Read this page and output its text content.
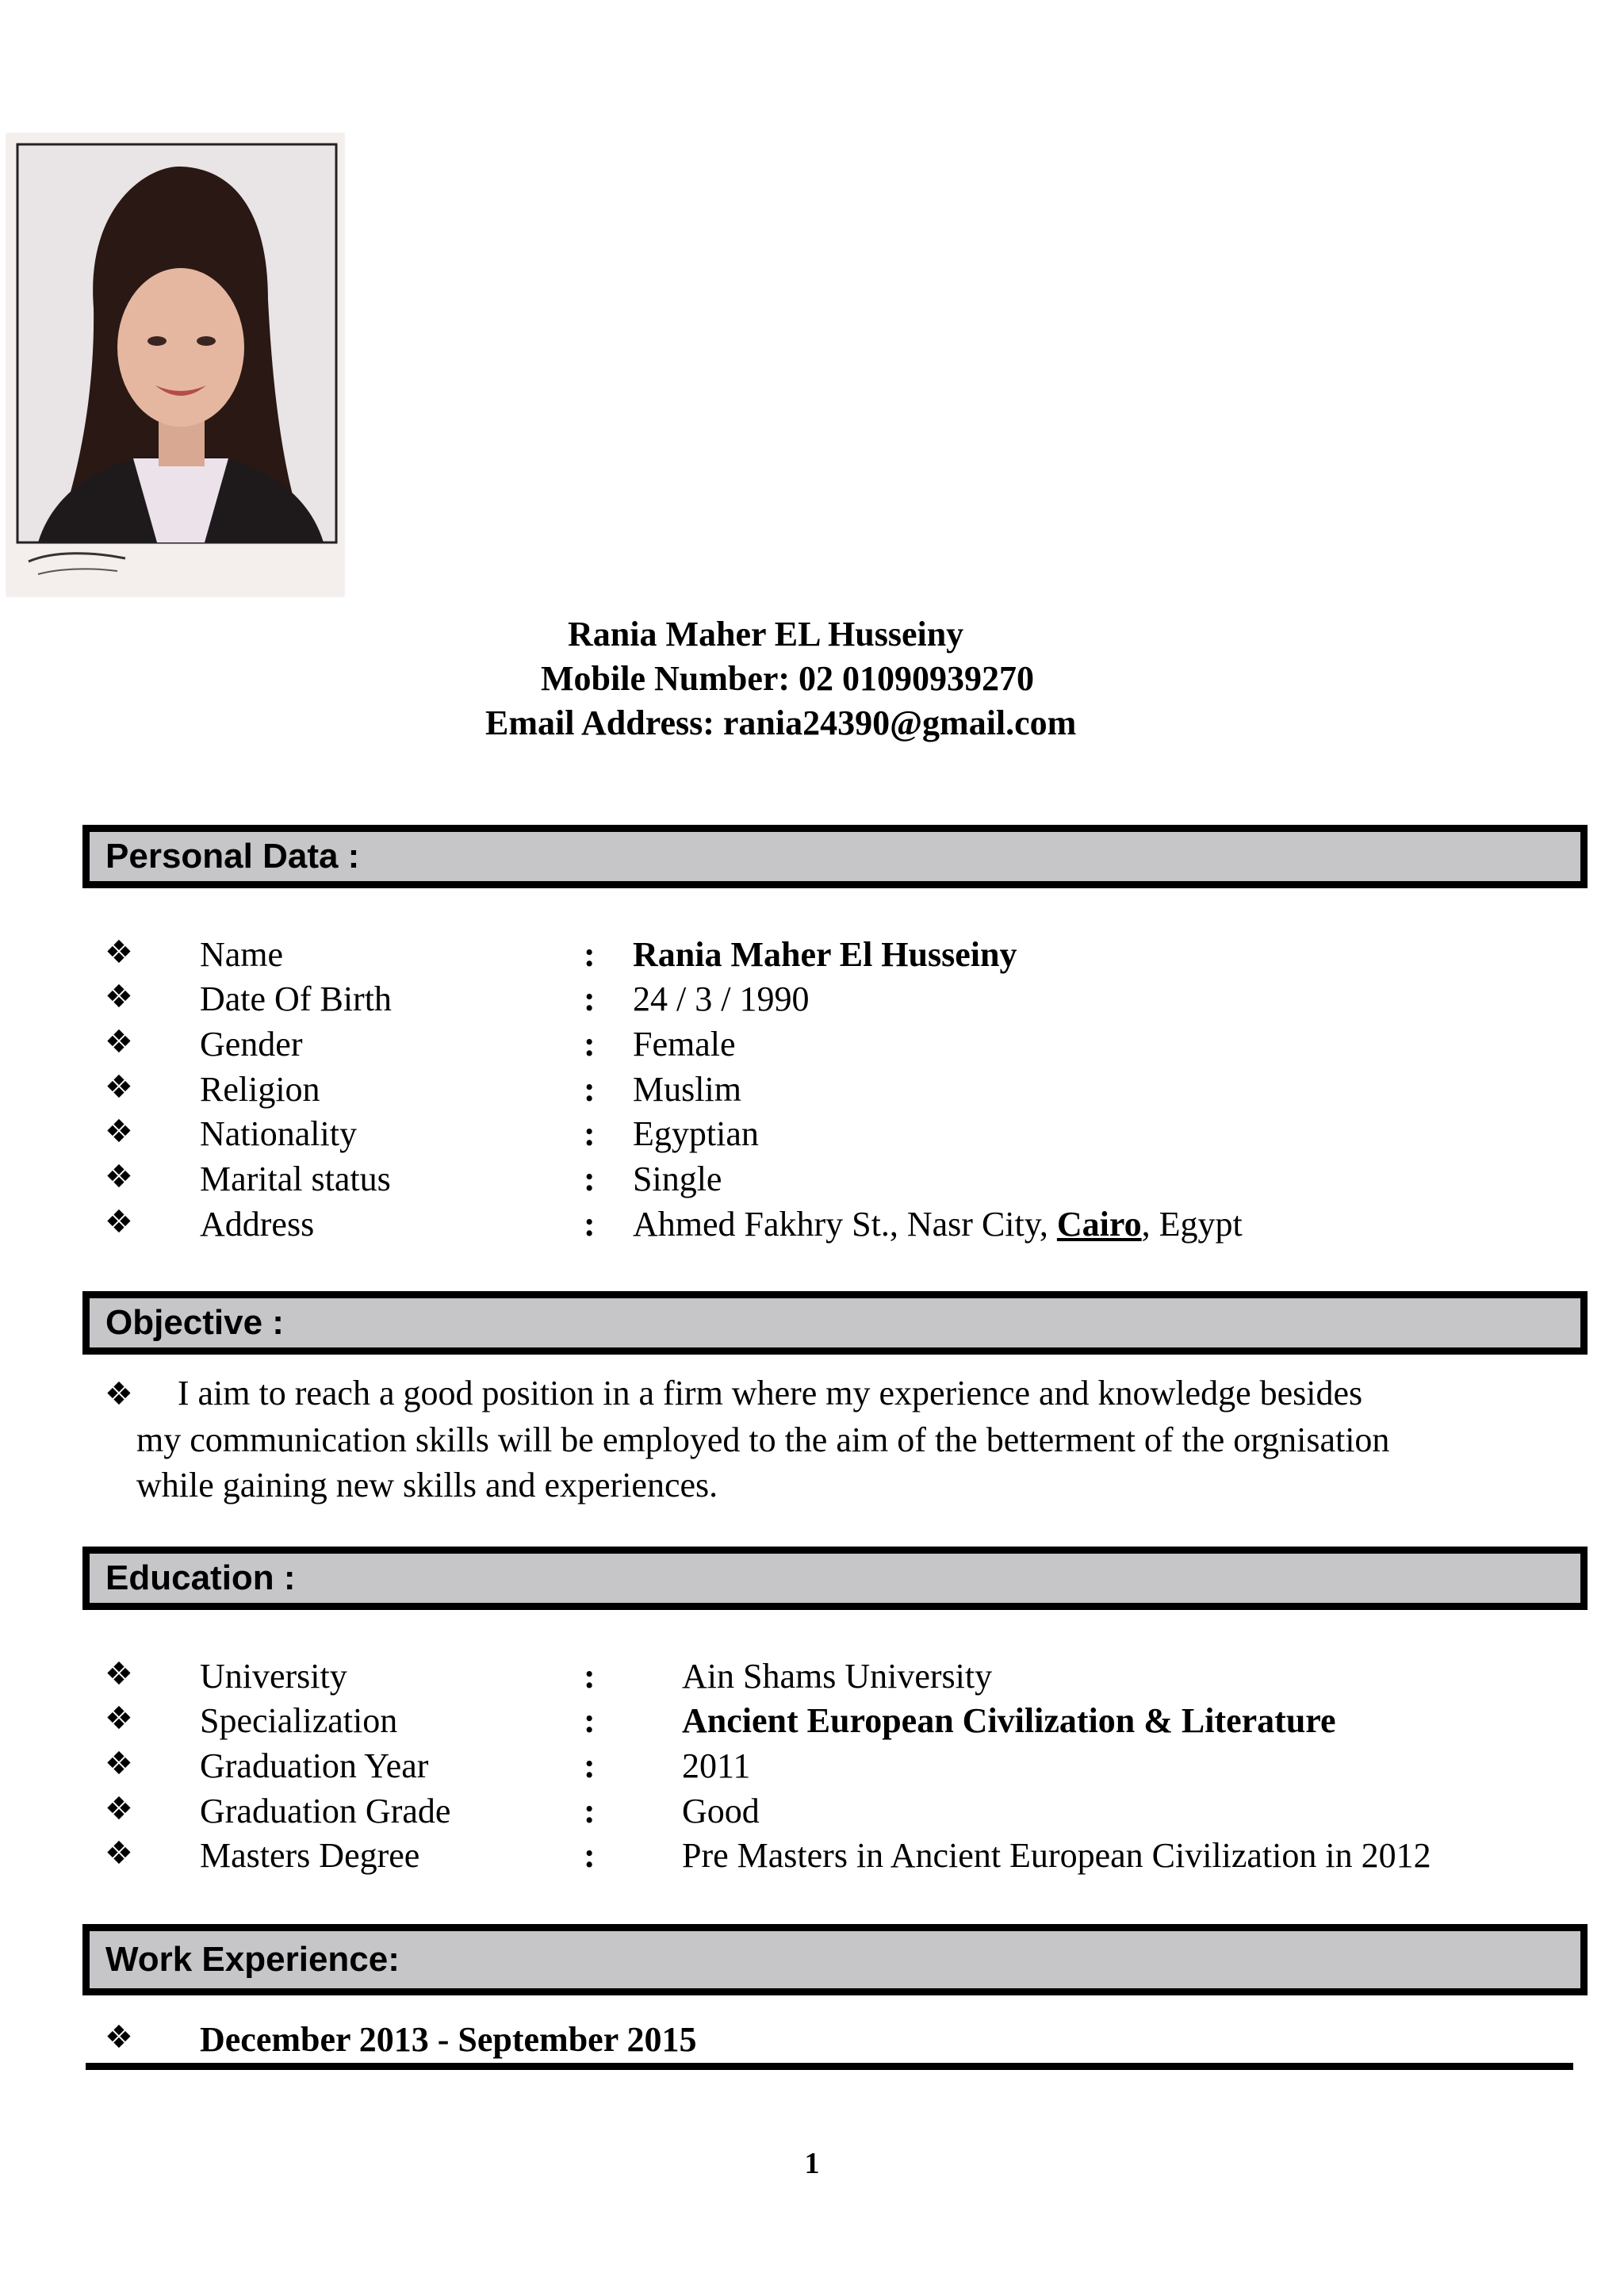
Rania Maher EL Husseiny
Mobile Number: 02 01090939270
Email Address: rania24390@gmail.com
Personal Data :
❖ Name	: Rania Maher El Husseiny
❖ Date Of Birth	: 24 / 3 / 1990
❖ Gender	: Female
❖ Religion	: Muslim
❖ Nationality	: Egyptian
❖ Marital status	: Single
❖ Address	: Ahmed Fakhry St., Nasr City, Cairo, Egypt
Objective :
❖ I aim to reach a good position in a firm where my experience and knowledge besides
my communication skills will be employed to the aim of the betterment of the orgnisation
while gaining new skills and experiences.
Education :
❖ University	: Ain Shams University
❖ Specialization	: Ancient European Civilization & Literature
❖ Graduation Year	: 2011
❖ Graduation Grade	: Good
❖ Masters Degree	: Pre Masters in Ancient European Civilization in 2012
Work Experience:
❖ December 2013 - September 2015
1
